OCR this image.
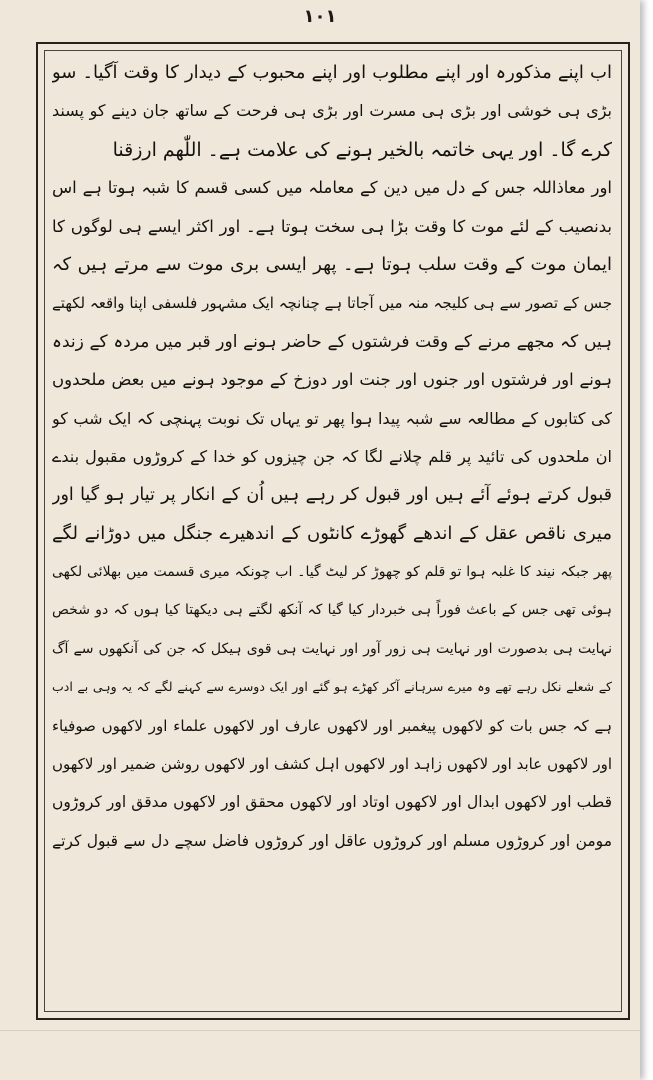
۱۰۱
اب اپنے مذکورہ اور اپنے مطلوب اور اپنے محبوب کے دیدار کا وقت آگیا۔ سو
بڑی ہی خوشی اور بڑی ہی مسرت اور بڑی ہی فرحت کے ساتھ جان دینے کو پسند
کرے گا۔ اور یہی خاتمہ بالخیر ہونے کی علامت ہے۔ اللّٰھم ارزقنا
اور معاذاللہ جس کے دل میں دین کے معاملہ میں کسی قسم کا شبہ ہوتا ہے اس
بدنصیب کے لئے موت کا وقت بڑا ہی سخت ہوتا ہے۔ اور اکثر ایسے ہی لوگوں کا
ایمان موت کے وقت سلب ہوتا ہے۔ پھر ایسی بری موت سے مرتے ہیں کہ
جس کے تصور سے ہی کلیجہ منہ میں آجاتا ہے چنانچہ ایک مشہور فلسفی اپنا واقعہ لکھتے
ہیں کہ مجھے مرنے کے وقت فرشتوں کے حاضر ہونے اور قبر میں مردہ کے زندہ
ہونے اور فرشتوں اور جنوں اور جنت اور دوزخ کے موجود ہونے میں بعض ملحدوں
کی کتابوں کے مطالعہ سے شبہ پیدا ہوا پھر تو یہاں تک نوبت پہنچی کہ ایک شب کو
ان ملحدوں کی تائید پر قلم چلانے لگا کہ جن چیزوں کو خدا کے کروڑوں مقبول بندے
قبول کرتے ہوئے آئے ہیں اور قبول کر رہے ہیں اُن کے انکار پر تیار ہو گیا اور
میری ناقص عقل کے اندھے گھوڑے کانٹوں کے اندھیرے جنگل میں دوڑانے لگے
پھر جبکہ نیند کا غلبہ ہوا تو قلم کو چھوڑ کر لیٹ گیا۔ اب چونکہ میری قسمت میں بھلائی لکھی
ہوئی تھی جس کے باعث فوراً ہی خبردار کیا گیا کہ آنکھ لگتے ہی دیکھتا کیا ہوں کہ دو شخص
نہایت ہی بدصورت اور نہایت ہی زور آور اور نہایت ہی قوی ہیکل کہ جن کی آنکھوں سے آگ
کے شعلے نکل رہے تھے وہ میرے سرہانے آکر کھڑے ہو گئے اور ایک دوسرے سے کہنے لگے کہ یہ وہی بے ادب
ہے کہ جس بات کو لاکھوں پیغمبر اور لاکھوں عارف اور لاکھوں علماء اور لاکھوں صوفیاء
اور لاکھوں عابد اور لاکھوں زاہد اور لاکھوں اہل کشف اور لاکھوں روشن ضمیر اور لاکھوں
قطب اور لاکھوں ابدال اور لاکھوں اوتاد اور لاکھوں محقق اور لاکھوں مدقق اور کروڑوں
مومن اور کروڑوں مسلم اور کروڑوں عاقل اور کروڑوں فاضل سچے دل سے قبول کرتے
